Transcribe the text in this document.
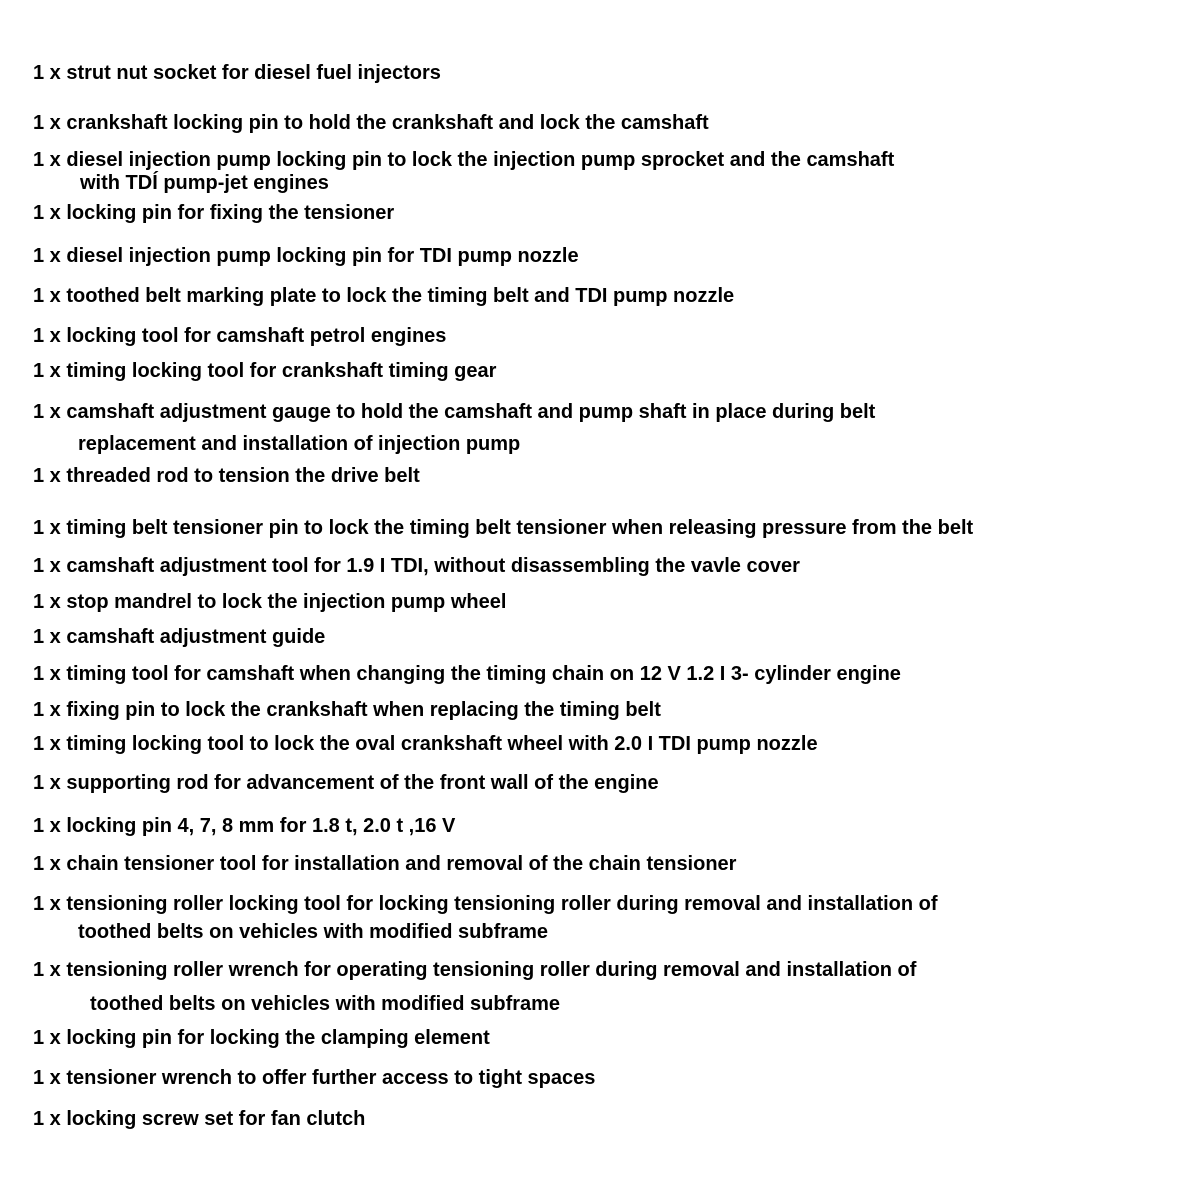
1 x strut nut socket for diesel fuel injectors
1 x crankshaft locking pin to hold the crankshaft and lock the camshaft
1 x diesel injection pump locking pin to lock the injection pump sprocket and the camshaft
with TDÍ pump-jet engines
1 x locking pin for fixing the tensioner
1 x diesel injection pump locking pin for TDI pump nozzle
1 x toothed belt marking plate to lock the timing belt and TDI pump nozzle
1 x locking tool for camshaft petrol engines
1 x timing locking tool for crankshaft timing gear
1 x camshaft adjustment gauge to hold the camshaft and pump shaft in place during belt
replacement and installation of injection pump
1 x threaded rod to tension the drive belt
1 x timing belt tensioner pin to lock the timing belt tensioner when releasing pressure from the belt
1 x camshaft adjustment tool for 1.9 I TDI, without disassembling the vavle cover
1 x stop mandrel to lock the injection pump wheel
1 x camshaft adjustment guide
1 x timing tool for camshaft when changing the timing chain on 12 V 1.2 I 3- cylinder engine
1 x fixing pin to lock the crankshaft when replacing the timing belt
1 x timing locking tool to lock the oval crankshaft wheel with 2.0 I TDI pump nozzle
1 x supporting rod for advancement of the front wall of the engine
1 x locking pin 4, 7, 8 mm for 1.8 t, 2.0 t ,16 V
1 x chain tensioner tool for installation and removal of the chain tensioner
1 x tensioning roller locking tool for locking tensioning roller during removal and installation of
toothed belts on vehicles with modified subframe
1 x tensioning roller wrench for operating tensioning roller during removal and installation of
toothed belts on vehicles with modified subframe
1 x locking pin for locking the clamping element
1 x tensioner wrench to offer further access to tight spaces
1 x locking screw set for fan clutch
